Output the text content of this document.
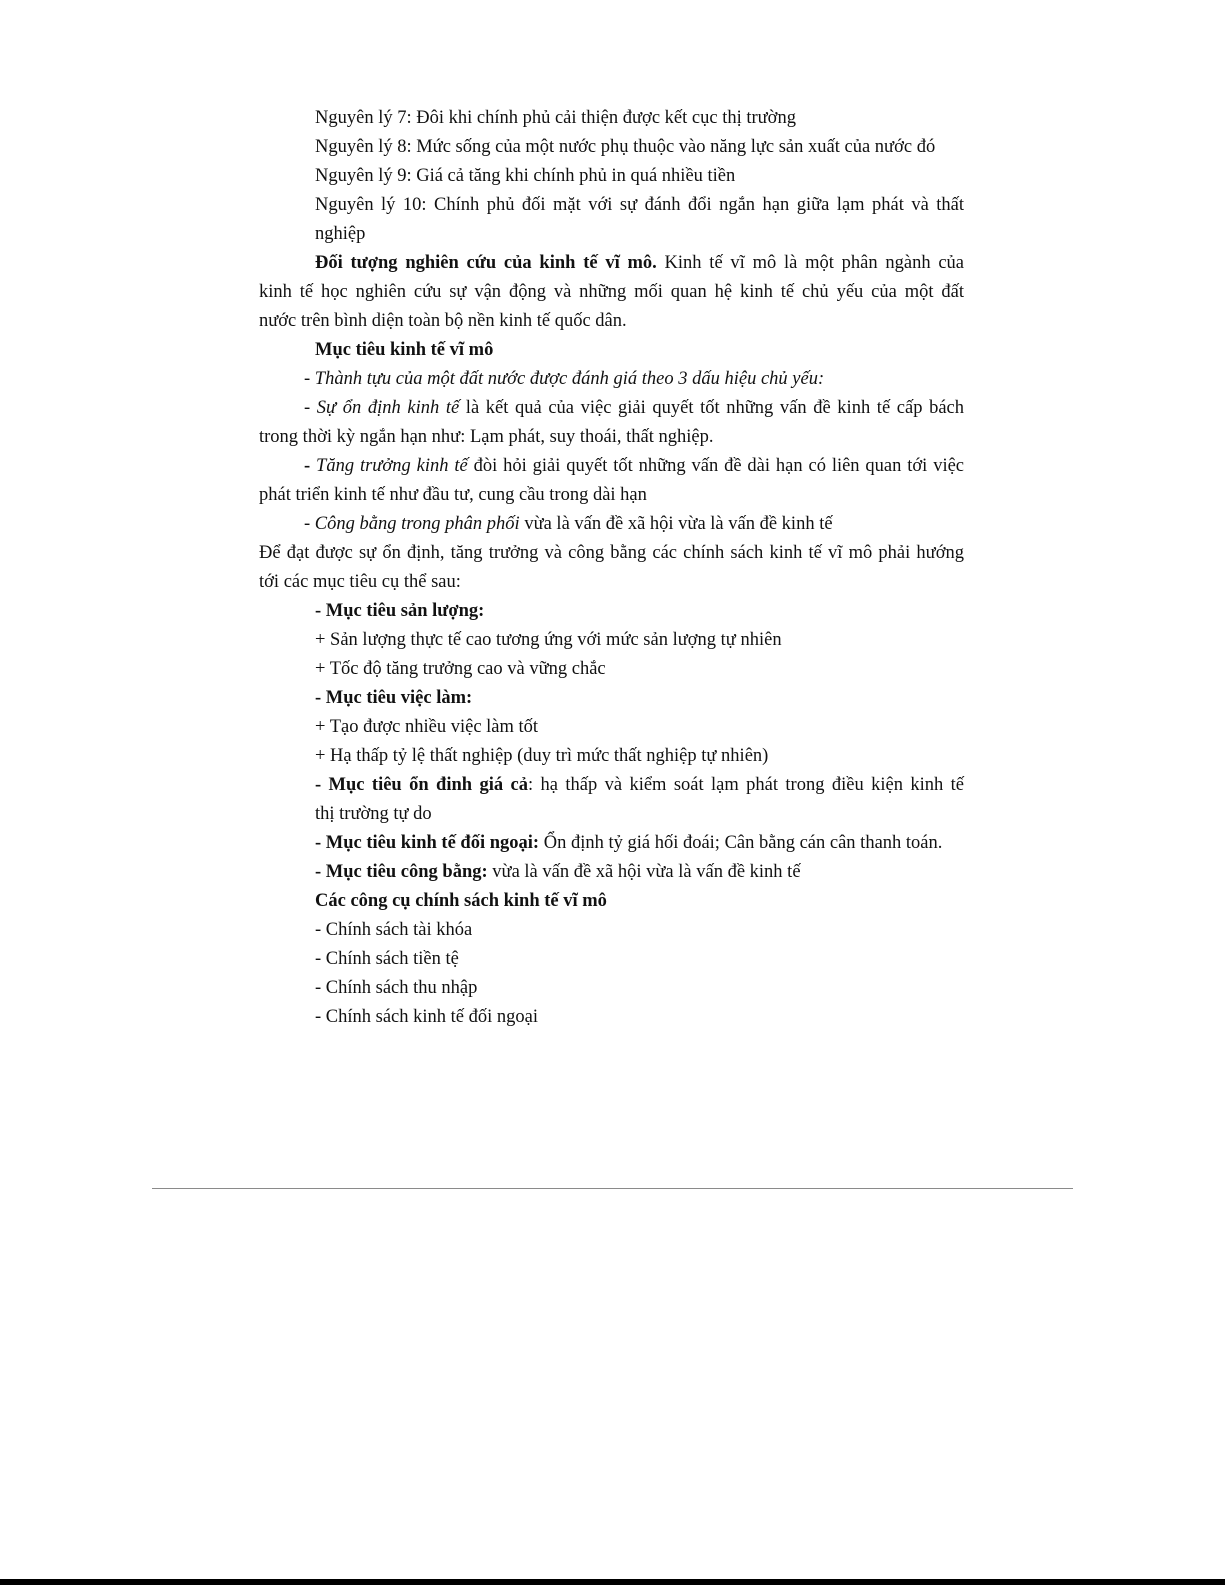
Nguyên lý 7: Đôi khi chính phủ cải thiện được kết cục thị trường
Nguyên lý 8: Mức sống của một nước phụ thuộc vào năng lực sản xuất của nước đó
Nguyên lý 9: Giá cả tăng khi chính phủ in quá nhiều tiền
Nguyên lý 10: Chính phủ đối mặt với sự đánh đổi ngắn hạn giữa lạm phát và thất
nghiệp
Đối tượng nghiên cứu của kinh tế vĩ mô. Kinh tế vĩ mô là một phân ngành của
kinh tế học nghiên cứu sự vận động và những mối quan hệ kinh tế chủ yếu của một đất
nước trên bình diện toàn bộ nền kinh tế quốc dân.
Mục tiêu kinh tế vĩ mô
- Thành tựu của một đất nước được đánh giá theo 3 dấu hiệu chủ yếu:
- Sự ổn định kinh tế là kết quả của việc giải quyết tốt những vấn đề kinh tế cấp bách
trong thời kỳ ngắn hạn như: Lạm phát, suy thoái, thất nghiệp.
- Tăng trưởng kinh tế đòi hỏi giải quyết tốt những vấn đề dài hạn có liên quan tới việc
phát triển kinh tế như đầu tư, cung cầu trong dài hạn
- Công bằng trong phân phối vừa là vấn đề xã hội vừa là vấn đề kinh tế
Để đạt được sự ổn định, tăng trưởng và công bằng các chính sách kinh tế vĩ mô phải hướng
tới các mục tiêu cụ thể sau:
- Mục tiêu sản lượng:
+ Sản lượng thực tế cao tương ứng với mức sản lượng tự nhiên
+ Tốc độ tăng trưởng cao và vững chắc
- Mục tiêu việc làm:
+ Tạo được nhiều việc làm tốt
+ Hạ thấp tỷ lệ thất nghiệp (duy trì mức thất nghiệp tự nhiên)
- Mục tiêu ổn đinh giá cả: hạ thấp và kiểm soát lạm phát trong điều kiện kinh tế
thị trường tự do
- Mục tiêu kinh tế đối ngoại: Ổn định tỷ giá hối đoái; Cân bằng cán cân thanh toán.
- Mục tiêu công bằng: vừa là vấn đề xã hội vừa là vấn đề kinh tế
Các công cụ chính sách kinh tế vĩ mô
- Chính sách tài khóa
- Chính sách tiền tệ
- Chính sách thu nhập
- Chính sách kinh tế đối ngoại
